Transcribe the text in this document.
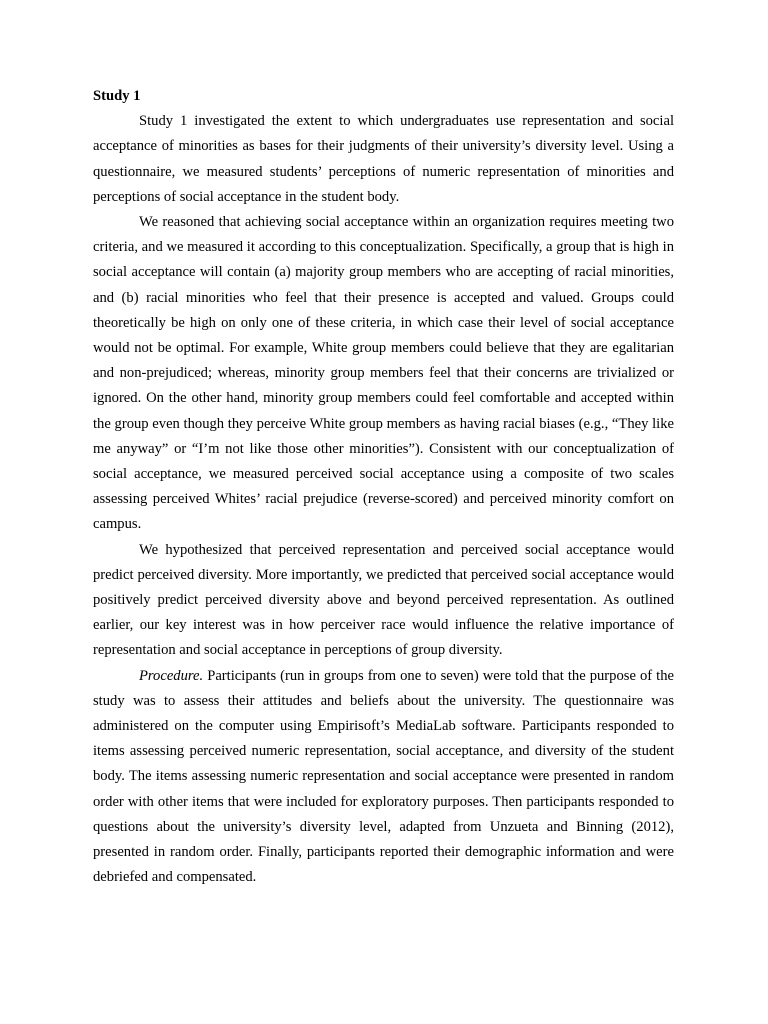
Study 1

Study 1 investigated the extent to which undergraduates use representation and social acceptance of minorities as bases for their judgments of their university’s diversity level. Using a questionnaire, we measured students’ perceptions of numeric representation of minorities and perceptions of social acceptance in the student body.

We reasoned that achieving social acceptance within an organization requires meeting two criteria, and we measured it according to this conceptualization. Specifically, a group that is high in social acceptance will contain (a) majority group members who are accepting of racial minorities, and (b) racial minorities who feel that their presence is accepted and valued. Groups could theoretically be high on only one of these criteria, in which case their level of social acceptance would not be optimal. For example, White group members could believe that they are egalitarian and non-prejudiced; whereas, minority group members feel that their concerns are trivialized or ignored. On the other hand, minority group members could feel comfortable and accepted within the group even though they perceive White group members as having racial biases (e.g., “They like me anyway” or “I’m not like those other minorities”). Consistent with our conceptualization of social acceptance, we measured perceived social acceptance using a composite of two scales assessing perceived Whites’ racial prejudice (reverse-scored) and perceived minority comfort on campus.

We hypothesized that perceived representation and perceived social acceptance would predict perceived diversity. More importantly, we predicted that perceived social acceptance would positively predict perceived diversity above and beyond perceived representation. As outlined earlier, our key interest was in how perceiver race would influence the relative importance of representation and social acceptance in perceptions of group diversity.

Procedure. Participants (run in groups from one to seven) were told that the purpose of the study was to assess their attitudes and beliefs about the university. The questionnaire was administered on the computer using Empirisoft’s MediaLab software. Participants responded to items assessing perceived numeric representation, social acceptance, and diversity of the student body. The items assessing numeric representation and social acceptance were presented in random order with other items that were included for exploratory purposes. Then participants responded to questions about the university’s diversity level, adapted from Unzueta and Binning (2012), presented in random order. Finally, participants reported their demographic information and were debriefed and compensated.
